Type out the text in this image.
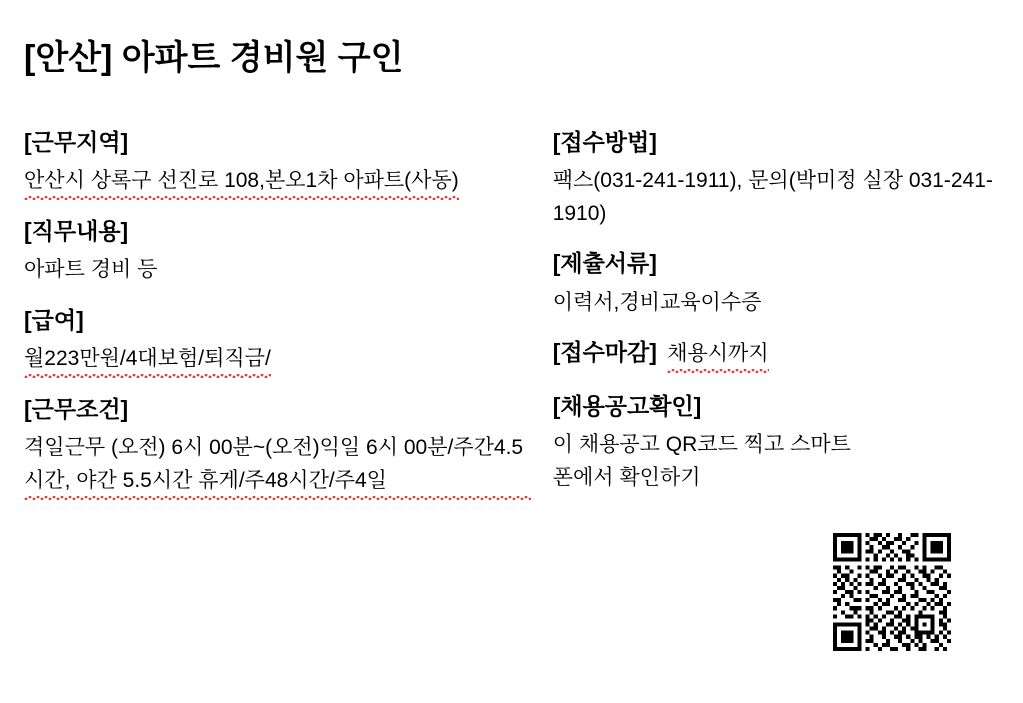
[안산] 아파트 경비원 구인
[근무지역]
안산시 상록구 선진로 108,본오1차 아파트(사동)
[직무내용]
아파트 경비 등
[급여]
월223만원/4대보험/퇴직금/
[근무조건]
격일근무 (오전) 6시 00분~(오전)익일 6시 00분/주간4.5시간, 야간 5.5시간 휴게/주48시간/주4일
[접수방법]
팩스(031-241-1911), 문의(박미정 실장 031-241-1910)
[제츌서류]
이력서,경비교육이수증
[접수마감] 채용시까지
[채용공고확인]
이 채용공고 QR코드 찍고 스마트폰에서 확인하기
